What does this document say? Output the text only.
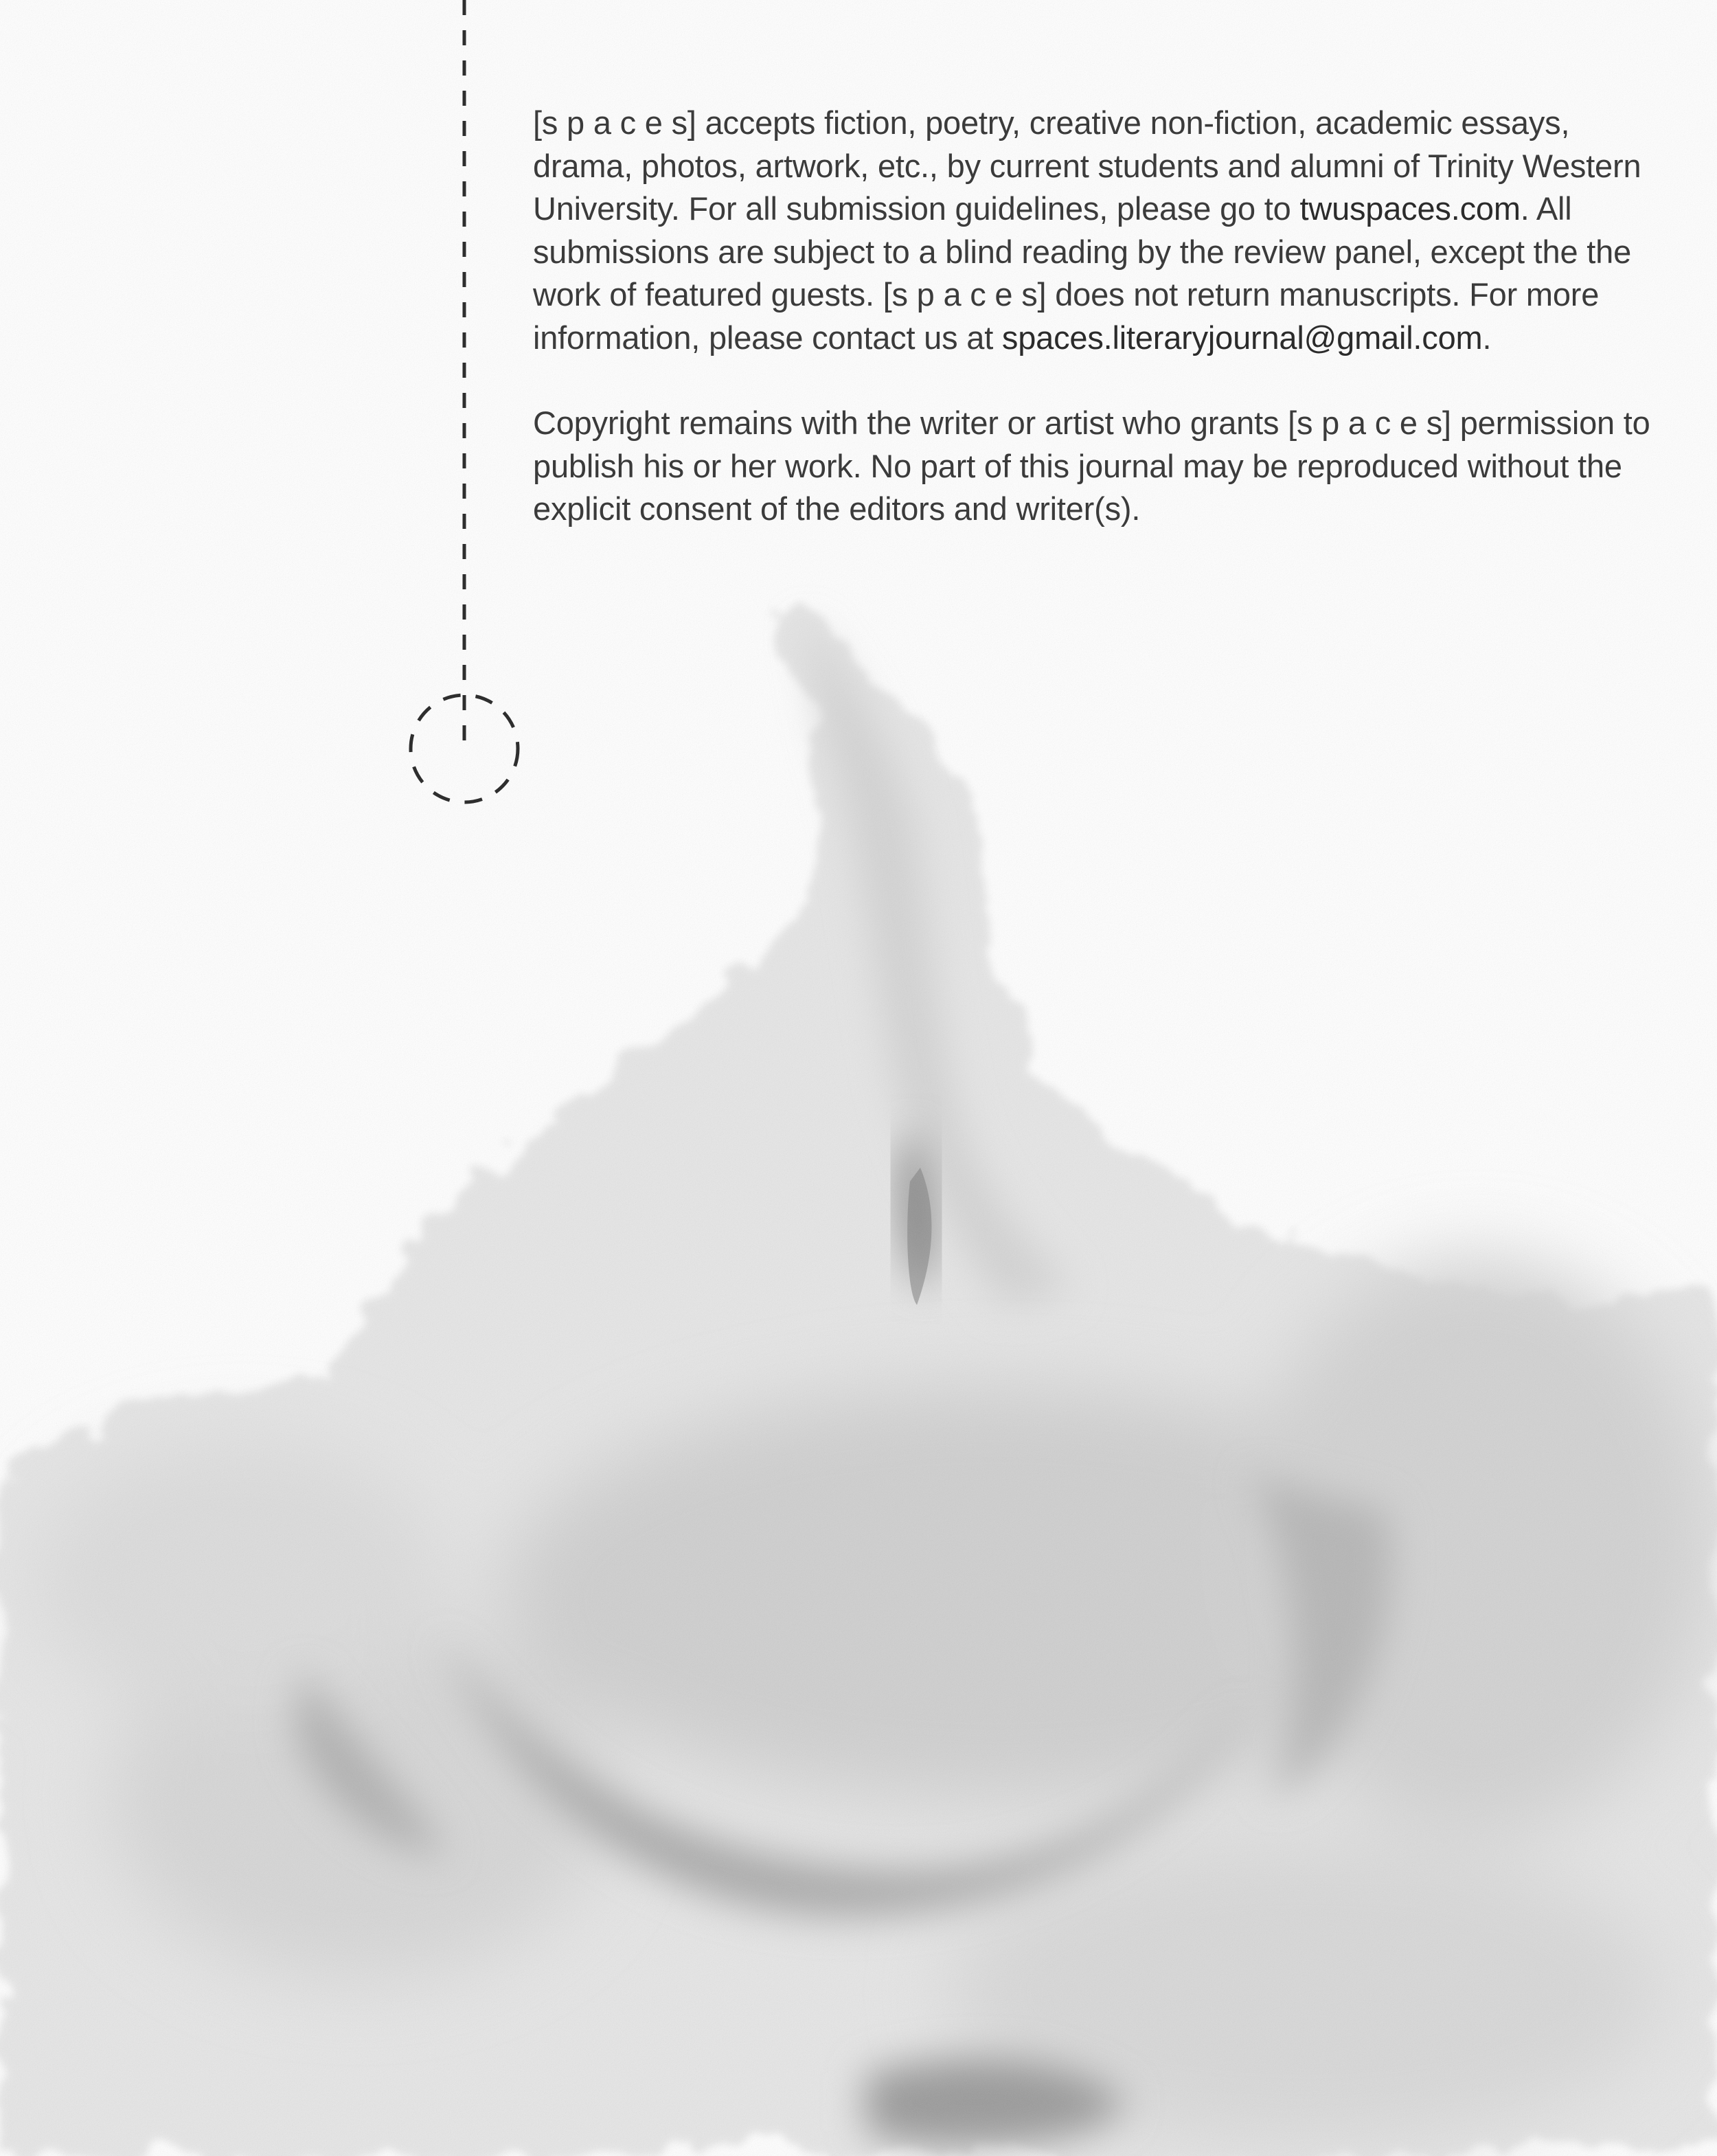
[s p a c e s] accepts fiction, poetry, creative non-fiction, academic essays, drama, photos, artwork, etc., by current students and alumni of Trinity Western University. For all submission guidelines, please go to twuspaces.com. All submissions are subject to a blind reading by the review panel, except the the work of featured guests. [s p a c e s] does not return manuscripts. For more information, please contact us at spaces.literaryjournal@gmail.com.

Copyright remains with the writer or artist who grants [s p a c e s] permission to publish his or her work. No part of this journal may be reproduced without the explicit consent of the editors and writer(s).
